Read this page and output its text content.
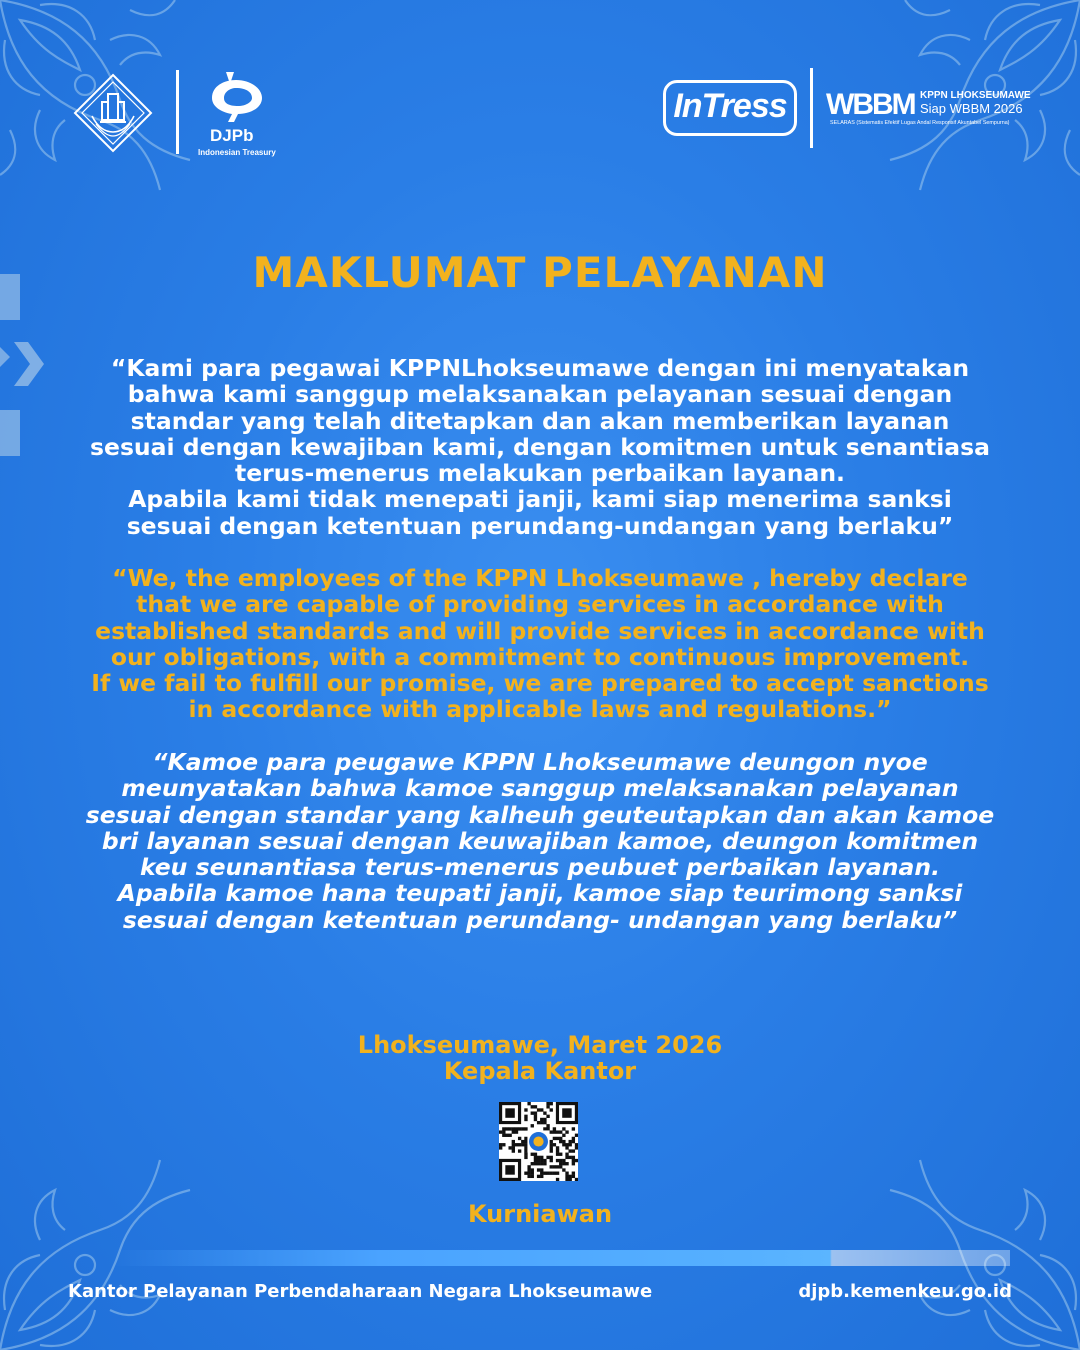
DJPb
Indonesian Treasury
InTress WBBM KPPN LHOKSEUMAWE
Siap WBBM 2026
SELARAS (Sistematis Efektif Lugas Andal Responsif Akuntabel Sempurna)
MAKLUMAT PELAYANAN
“Kami para pegawai KPPNLhokseumawe dengan ini menyatakan
bahwa kami sanggup melaksanakan pelayanan sesuai dengan
standar yang telah ditetapkan dan akan memberikan layanan
sesuai dengan kewajiban kami, dengan komitmen untuk senantiasa
terus-menerus melakukan perbaikan layanan.
Apabila kami tidak menepati janji, kami siap menerima sanksi
sesuai dengan ketentuan perundang-undangan yang berlaku”
“We, the employees of the KPPN Lhokseumawe , hereby declare
that we are capable of providing services in accordance with
established standards and will provide services in accordance with
our obligations, with a commitment to continuous improvement.
If we fail to fulfill our promise, we are prepared to accept sanctions
in accordance with applicable laws and regulations.”
“Kamoe para peugawe KPPN Lhokseumawe deungon nyoe
meunyatakan bahwa kamoe sanggup melaksanakan pelayanan
sesuai dengan standar yang kalheuh geuteutapkan dan akan kamoe
bri layanan sesuai dengan keuwajiban kamoe, deungon komitmen
keu seunantiasa terus-menerus peubuet perbaikan layanan.
Apabila kamoe hana teupati janji, kamoe siap teurimong sanksi
sesuai dengan ketentuan perundang- undangan yang berlaku”
Lhokseumawe, Maret 2026
Kepala Kantor
Kurniawan
Kantor Pelayanan Perbendaharaan Negara Lhokseumawe	djpb.kemenkeu.go.id
